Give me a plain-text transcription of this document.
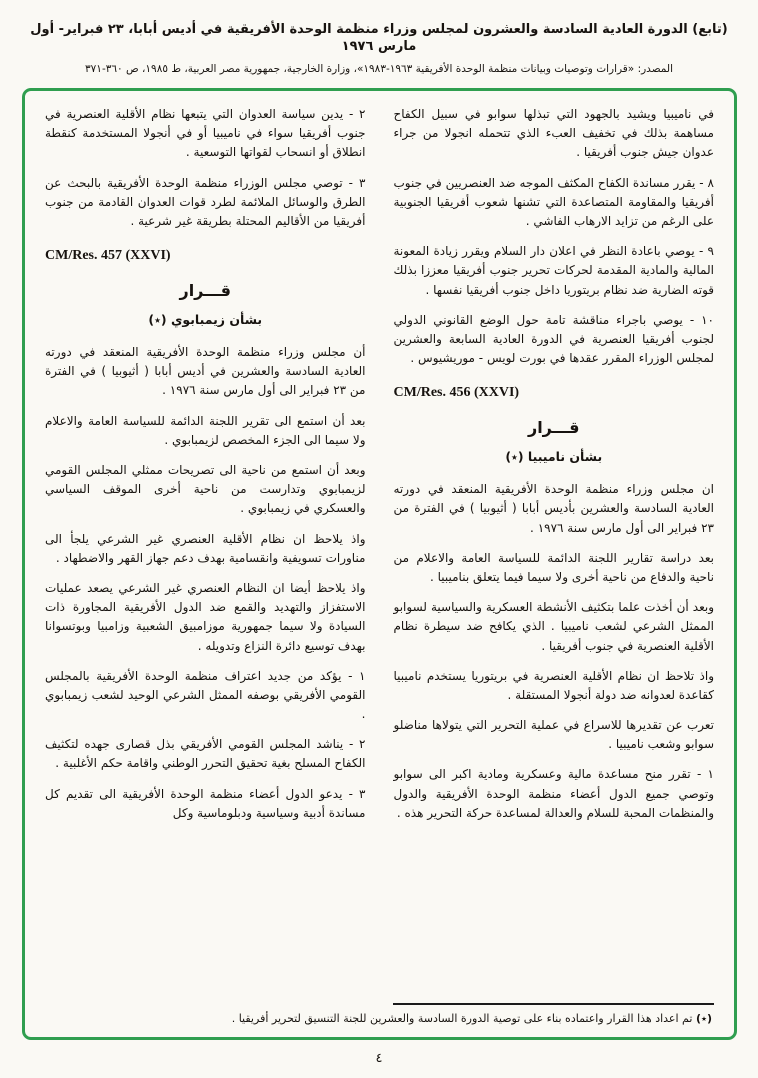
(تابع) الدورة العادية السادسة والعشرون لمجلس وزراء منظمة الوحدة الأفريقية في أديس أبابا، ٢٣ فبراير- أول مارس ١٩٧٦
المصدر: «قرارات وتوصيات وبيانات منظمة الوحدة الأفريقية ١٩٦٣-١٩٨٣»، وزارة الخارجية، جمهورية مصر العربية، ط ١٩٨٥، ص ٣٦٠-٣٧١

في ناميبيا ويشيد بالجهود التي تبذلها سوابو في سبيل الكفاح مساهمة بذلك في تخفيف العبء الذي تتحمله انجولا من جراء عدوان جيش جنوب أفريقيا .

٨ - يقرر مساندة الكفاح المكثف الموجه ضد العنصريين في جنوب أفريقيا والمقاومة المتصاعدة التي تشنها شعوب أفريقيا الجنوبية على الرغم من تزايد الارهاب الفاشي .

٩ - يوصي باعادة النظر في اعلان دار السلام ويقرر زيادة المعونة المالية والمادية المقدمة لحركات تحرير جنوب أفريقيا معززا بذلك قوته الضارية ضد نظام بريتوريا داخل جنوب أفريقيا نفسها .

١٠ - يوصي باجراء مناقشة تامة حول الوضع القانوني الدولي لجنوب أفريقيا العنصرية في الدورة العادية السابعة والعشرين لمجلس الوزراء المقرر عقدها في بورت لويس - موريشيوس .

CM/Res. 456 (XXVI)
قـــرار
بشأن ناميبيا (٭)

ان مجلس وزراء منظمة الوحدة الأفريقية المنعقد في دورته العادية السادسة والعشرين بأديس أبابا ( أثيوبيا ) في الفترة من ٢٣ فبراير الى أول مارس سنة ١٩٧٦ .

بعد دراسة تقارير اللجنة الدائمة للسياسة العامة والاعلام من ناحية والدفاع من ناحية أخرى ولا سيما فيما يتعلق بناميبيا .

وبعد أن أخذت علما بتكثيف الأنشطة العسكرية والسياسية لسوابو الممثل الشرعي لشعب ناميبيا . الذي يكافح ضد سيطرة نظام الأقلية العنصرية في جنوب أفريقيا .

واذ تلاحظ ان نظام الأقلية العنصرية في بريتوريا يستخدم ناميبيا كقاعدة لعدوانه ضد دولة أنجولا المستقلة .

تعرب عن تقديرها للاسراع في عملية التحرير التي يتولاها مناضلو سوابو وشعب ناميبيا .

١ - تقرر منح مساعدة مالية وعسكرية ومادية اكبر الى سوابو وتوصي جميع الدول أعضاء منظمة الوحدة الأفريقية والدول والمنظمات المحبة للسلام والعدالة لمساعدة حركة التحرير هذه .

٢ - يدين سياسة العدوان التي يتبعها نظام الأقلية العنصرية في جنوب أفريقيا سواء في ناميبيا أو في أنجولا المستخدمة كنقطة انطلاق أو انسحاب لقواتها التوسعية .

٣ - توصي مجلس الوزراء منظمة الوحدة الأفريقية بالبحث عن الطرق والوسائل الملائمة لطرد قوات العدوان القادمة من جنوب أفريقيا من الأقاليم المحتلة بطريقة غير شرعية .

CM/Res. 457 (XXVI)
قـــرار
بشأن زيمبابوي (٭)

أن مجلس وزراء منظمة الوحدة الأفريقية المنعقد في دورته العادية السادسة والعشرين في أديس أبابا ( أثيوبيا ) في الفترة من ٢٣ فبراير الى أول مارس سنة ١٩٧٦ .

بعد أن استمع الى تقرير اللجنة الدائمة للسياسة العامة والاعلام ولا سيما الى الجزء المخصص لزيمبابوي .

وبعد أن استمع من ناحية الى تصريحات ممثلي المجلس القومي لزيمبابوي وتدارست من ناحية أخرى الموقف السياسي والعسكري في زيمبابوي .

واذ يلاحظ ان نظام الأقلية العنصري غير الشرعي يلجأ الى مناورات تسويفية وانقسامية بهدف دعم جهاز القهر والاضطهاد .

واذ يلاحظ أيضا ان النظام العنصري غير الشرعي يصعد عمليات الاستفزاز والتهديد والقمع ضد الدول الأفريقية المجاورة ذات السيادة ولا سيما جمهورية موزامبيق الشعبية وزامبيا وبوتسوانا بهدف توسيع دائرة النزاع وتدويله .

١ - يؤكد من جديد اعتراف منظمة الوحدة الأفريقية بالمجلس القومي الأفريقي بوصفه الممثل الشرعي الوحيد لشعب زيمبابوي .

٢ - يناشد المجلس القومي الأفريقي بذل قصارى جهده لتكثيف الكفاح المسلح بغية تحقيق التحرر الوطني واقامة حكم الأغلبية .

٣ - يدعو الدول أعضاء منظمة الوحدة الأفريقية الى تقديم كل مساندة أدبية وسياسية ودبلوماسية وكل

(٭) تم اعداد هذا القرار واعتماده بناء على توصية الدورة السادسة والعشرين للجنة التنسيق لتحرير أفريقيا .

٤
